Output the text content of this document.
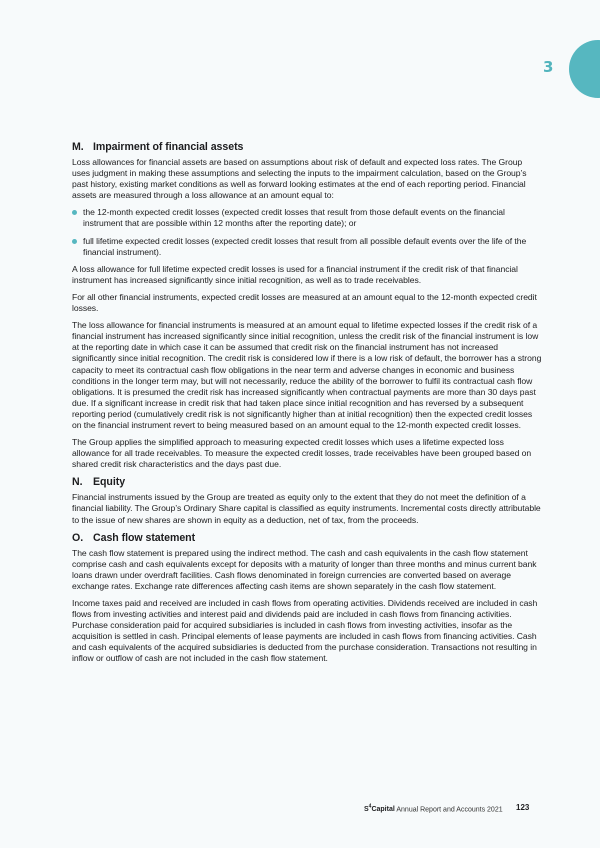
3
M. Impairment of financial assets

Loss allowances for financial assets are based on assumptions about risk of default and expected loss rates. The Group uses judgment in making these assumptions and selecting the inputs to the impairment calculation, based on the Group’s past history, existing market conditions as well as forward looking estimates at the end of each reporting period. Financial assets are measured through a loss allowance at an amount equal to:

the 12-month expected credit losses (expected credit losses that result from those default events on the financial instrument that are possible within 12 months after the reporting date); or
full lifetime expected credit losses (expected credit losses that result from all possible default events over the life of the financial instrument).

A loss allowance for full lifetime expected credit losses is used for a financial instrument if the credit risk of that financial instrument has increased significantly since initial recognition, as well as to trade receivables.

For all other financial instruments, expected credit losses are measured at an amount equal to the 12-month expected credit losses.

The loss allowance for financial instruments is measured at an amount equal to lifetime expected losses if the credit risk of a financial instrument has increased significantly since initial recognition, unless the credit risk of the financial instrument is low at the reporting date in which case it can be assumed that credit risk on the financial instrument has not increased significantly since initial recognition. The credit risk is considered low if there is a low risk of default, the borrower has a strong capacity to meet its contractual cash flow obligations in the near term and adverse changes in economic and business conditions in the longer term may, but will not necessarily, reduce the ability of the borrower to fulfil its contractual cash flow obligations. It is presumed the credit risk has increased significantly when contractual payments are more than 30 days past due. If a significant increase in credit risk that had taken place since initial recognition and has reversed by a subsequent reporting period (cumulatively credit risk is not significantly higher than at initial recognition) then the expected credit losses on the financial instrument revert to being measured based on an amount equal to the 12-month expected credit losses.

The Group applies the simplified approach to measuring expected credit losses which uses a lifetime expected loss allowance for all trade receivables. To measure the expected credit losses, trade receivables have been grouped based on shared credit risk characteristics and the days past due.

N. Equity

Financial instruments issued by the Group are treated as equity only to the extent that they do not meet the definition of a financial liability. The Group’s Ordinary Share capital is classified as equity instruments. Incremental costs directly attributable to the issue of new shares are shown in equity as a deduction, net of tax, from the proceeds.

O. Cash flow statement

The cash flow statement is prepared using the indirect method. The cash and cash equivalents in the cash flow statement comprise cash and cash equivalents except for deposits with a maturity of longer than three months and minus current bank loans drawn under overdraft facilities. Cash flows denominated in foreign currencies are converted based on average exchange rates. Exchange rate differences affecting cash items are shown separately in the cash flow statement.

Income taxes paid and received are included in cash flows from operating activities. Dividends received are included in cash flows from investing activities and interest paid and dividends paid are included in cash flows from financing activities. Purchase consideration paid for acquired subsidiaries is included in cash flows from investing activities, insofar as the acquisition is settled in cash. Principal elements of lease payments are included in cash flows from financing activities. Cash and cash equivalents of the acquired subsidiaries is deducted from the purchase consideration. Transactions not resulting in inflow or outflow of cash are not included in the cash flow statement.

$S^4Capital$ Annual Report and Accounts 2021 123
